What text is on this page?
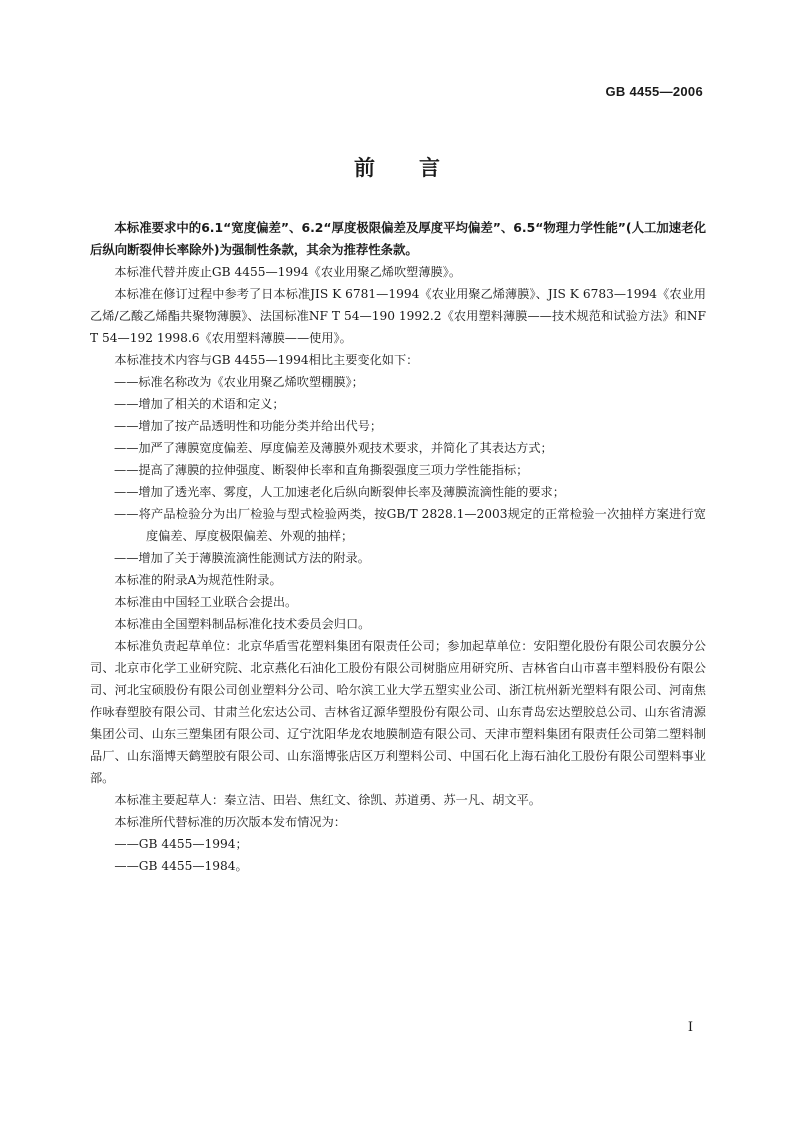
GB 4455—2006
前言

本标准要求中的6.1“宽度偏差”、6.2“厚度极限偏差及厚度平均偏差”、6.5“物理力学性能”(人工加速老化后纵向断裂伸长率除外)为强制性条款，其余为推荐性条款。

本标准代替并废止GB 4455—1994《农业用聚乙烯吹塑薄膜》。

本标准在修订过程中参考了日本标准JIS K 6781—1994《农业用聚乙烯薄膜》、JIS K 6783—1994《农业用乙烯/乙酸乙烯酯共聚物薄膜》、法国标准NF T 54—190 1992.2《农用塑料薄膜——技术规范和试验方法》和NF T 54—192 1998.6《农用塑料薄膜——使用》。

本标准技术内容与GB 4455—1994相比主要变化如下：

——标准名称改为《农业用聚乙烯吹塑棚膜》；

——增加了相关的术语和定义；

——增加了按产品透明性和功能分类并给出代号；

——加严了薄膜宽度偏差、厚度偏差及薄膜外观技术要求，并简化了其表达方式；

——提高了薄膜的拉伸强度、断裂伸长率和直角撕裂强度三项力学性能指标；

——增加了透光率、雾度，人工加速老化后纵向断裂伸长率及薄膜流滴性能的要求；

——将产品检验分为出厂检验与型式检验两类，按GB/T 2828.1—2003规定的正常检验一次抽样方案进行宽度偏差、厚度极限偏差、外观的抽样；

——增加了关于薄膜流滴性能测试方法的附录。

本标准的附录A为规范性附录。

本标准由中国轻工业联合会提出。

本标准由全国塑料制品标准化技术委员会归口。

本标准负责起草单位：北京华盾雪花塑料集团有限责任公司；参加起草单位：安阳塑化股份有限公司农膜分公司、北京市化学工业研究院、北京燕化石油化工股份有限公司树脂应用研究所、吉林省白山市喜丰塑料股份有限公司、河北宝硕股份有限公司创业塑料分公司、哈尔滨工业大学五塑实业公司、浙江杭州新光塑料有限公司、河南焦作咏春塑胶有限公司、甘肃兰化宏达公司、吉林省辽源华塑股份有限公司、山东青岛宏达塑胶总公司、山东省清源集团公司、山东三塑集团有限公司、辽宁沈阳华龙农地膜制造有限公司、天津市塑料集团有限责任公司第二塑料制品厂、山东淄博天鹤塑胶有限公司、山东淄博张店区万利塑料公司、中国石化上海石油化工股份有限公司塑料事业部。

本标准主要起草人：秦立洁、田岩、焦红文、徐凯、苏道勇、苏一凡、胡文平。

本标准所代替标准的历次版本发布情况为：

——GB 4455—1994；

——GB 4455—1984。

I
